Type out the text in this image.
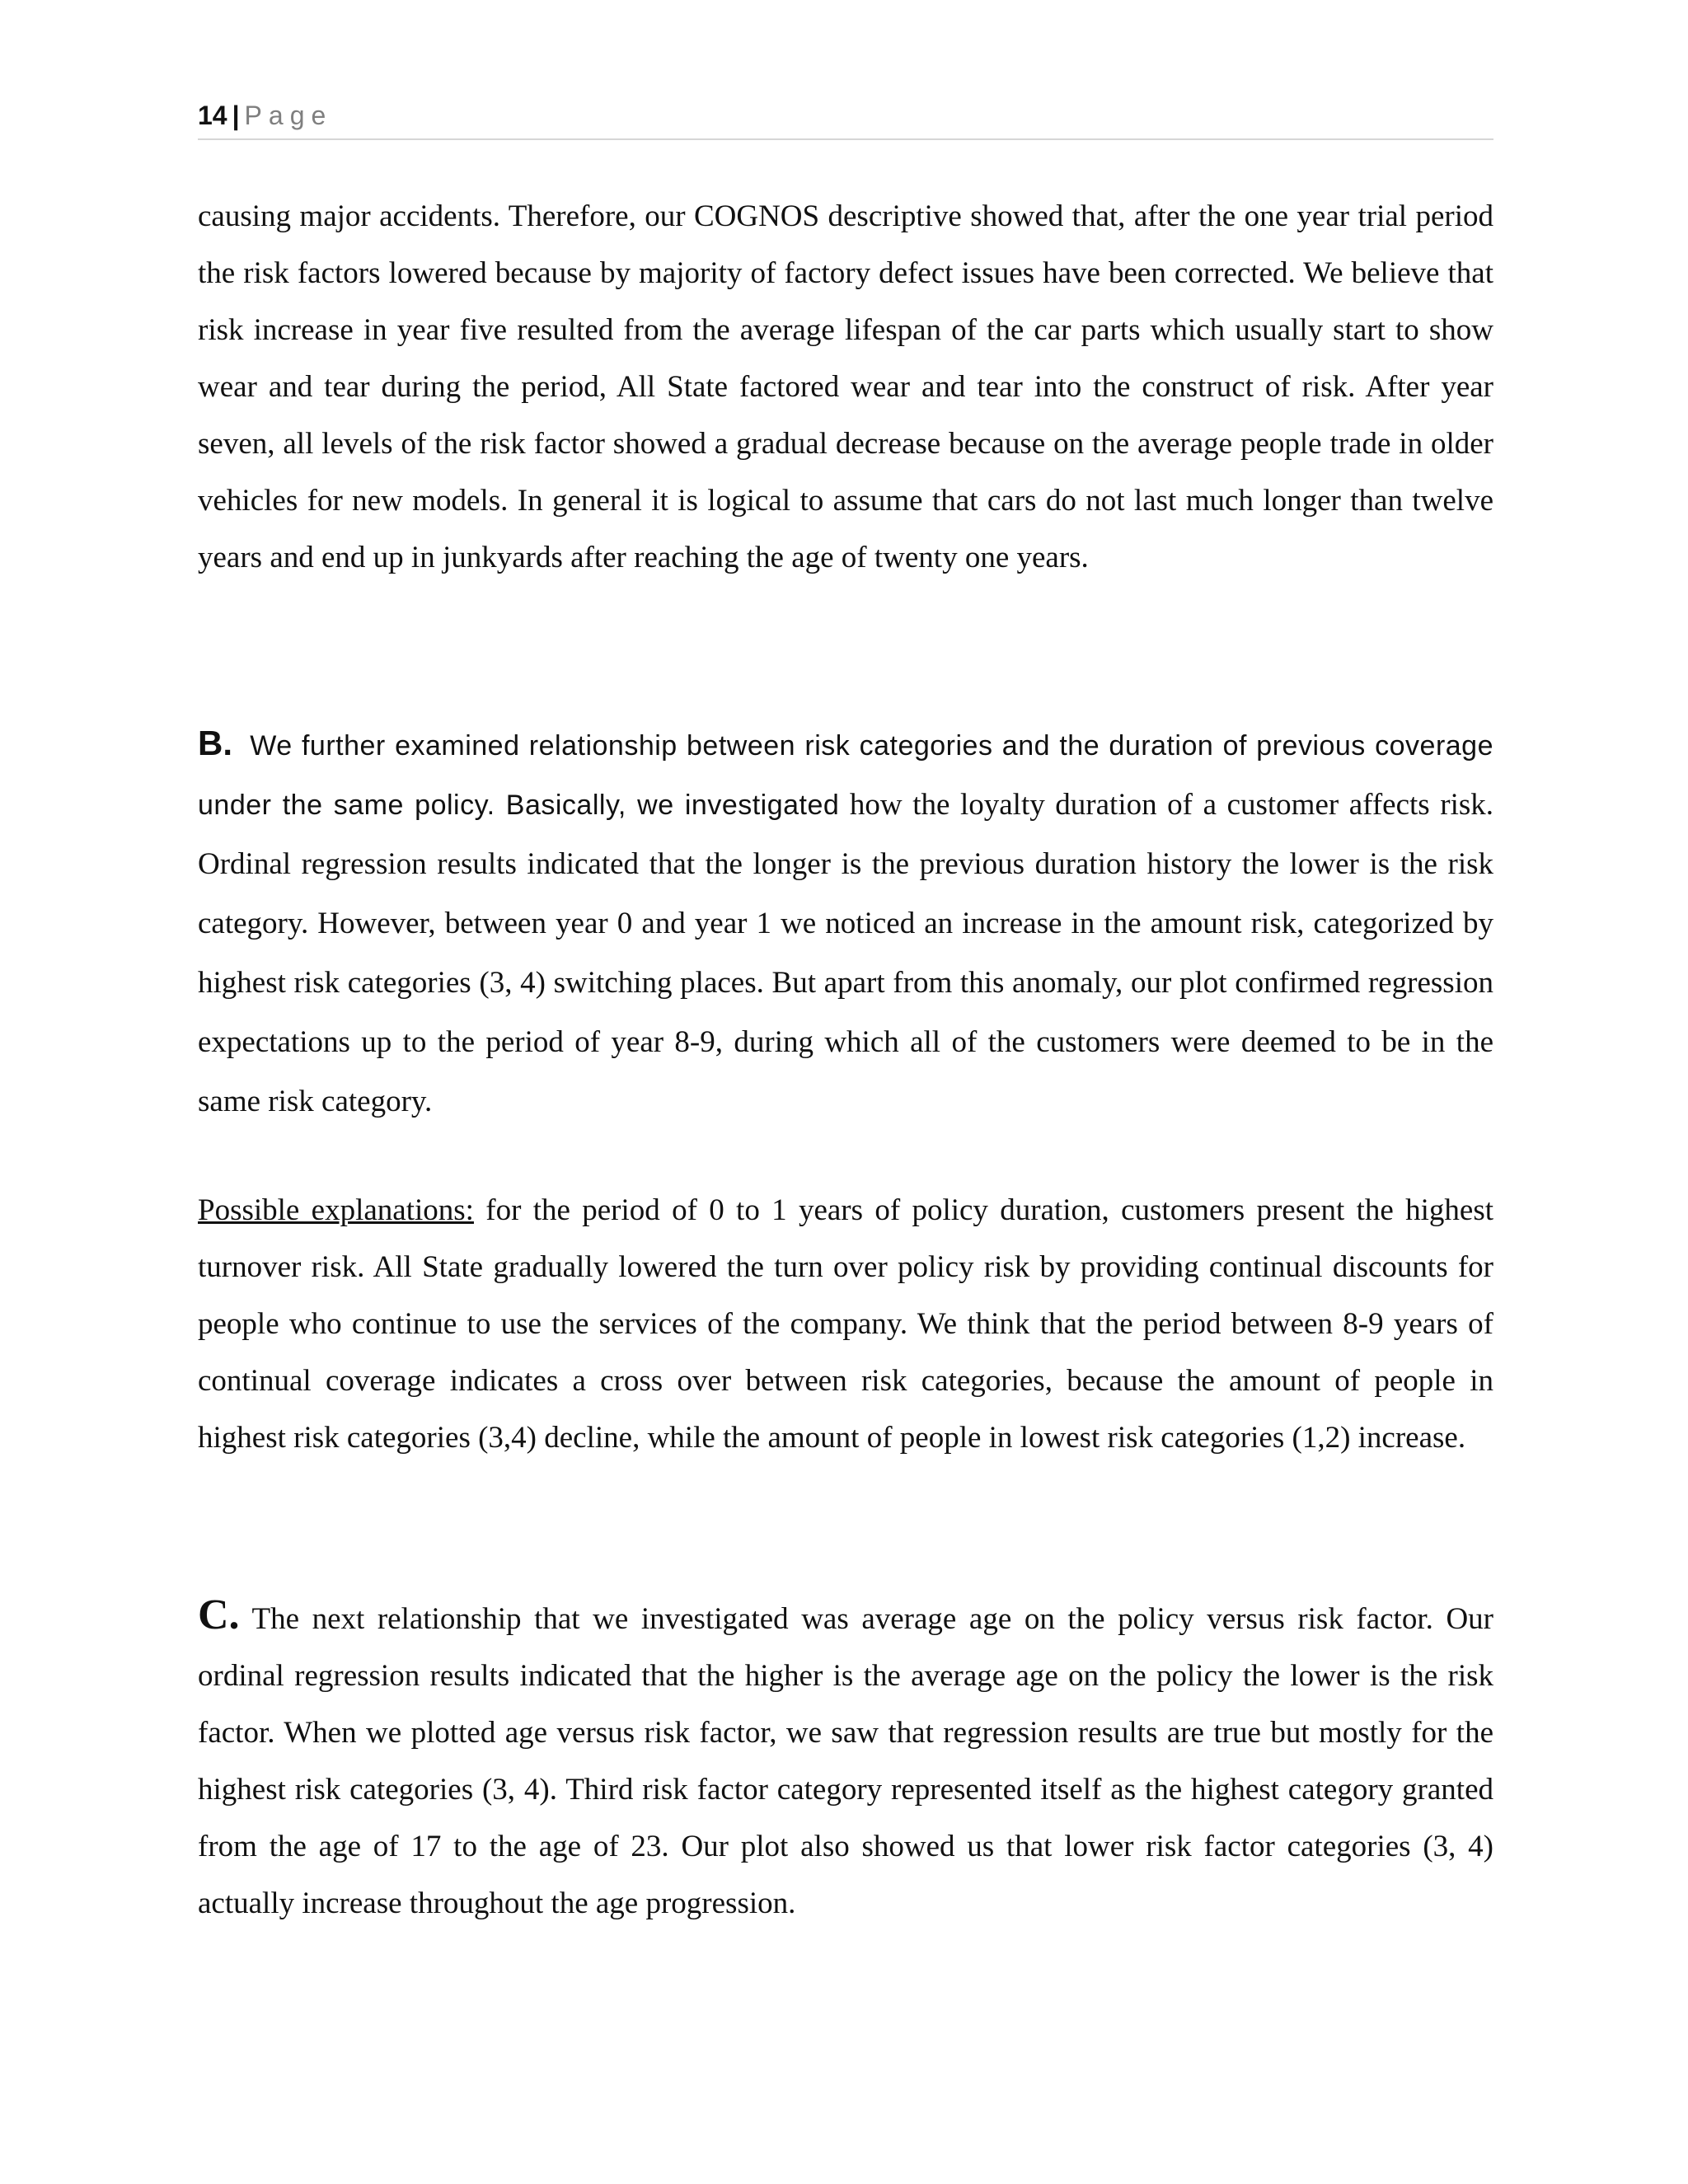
14 | Page

causing major accidents. Therefore, our COGNOS descriptive showed that, after the one year trial period the risk factors lowered because by majority of factory defect issues have been corrected. We believe that risk increase in year five resulted from the average lifespan of the car parts which usually start to show wear and tear during the period, All State factored wear and tear into the construct of risk. After year seven, all levels of the risk factor showed a gradual decrease because on the average people trade in older vehicles for new models. In general it is logical to assume that cars do not last much longer than twelve years and end up in junkyards after reaching the age of twenty one years.

B. We further examined relationship between risk categories and the duration of previous coverage under the same policy. Basically, we investigated how the loyalty duration of a customer affects risk. Ordinal regression results indicated that the longer is the previous duration history the lower is the risk category. However, between year 0 and year 1 we noticed an increase in the amount risk, categorized by highest risk categories (3, 4) switching places. But apart from this anomaly, our plot confirmed regression expectations up to the period of year 8-9, during which all of the customers were deemed to be in the same risk category.

Possible explanations: for the period of 0 to 1 years of policy duration, customers present the highest turnover risk. All State gradually lowered the turn over policy risk by providing continual discounts for people who continue to use the services of the company. We think that the period between 8-9 years of continual coverage indicates a cross over between risk categories, because the amount of people in highest risk categories (3,4) decline, while the amount of people in lowest risk categories (1,2) increase.

C. The next relationship that we investigated was average age on the policy versus risk factor. Our ordinal regression results indicated that the higher is the average age on the policy the lower is the risk factor. When we plotted age versus risk factor, we saw that regression results are true but mostly for the highest risk categories (3, 4). Third risk factor category represented itself as the highest category granted from the age of 17 to the age of 23. Our plot also showed us that lower risk factor categories (3, 4) actually increase throughout the age progression.
